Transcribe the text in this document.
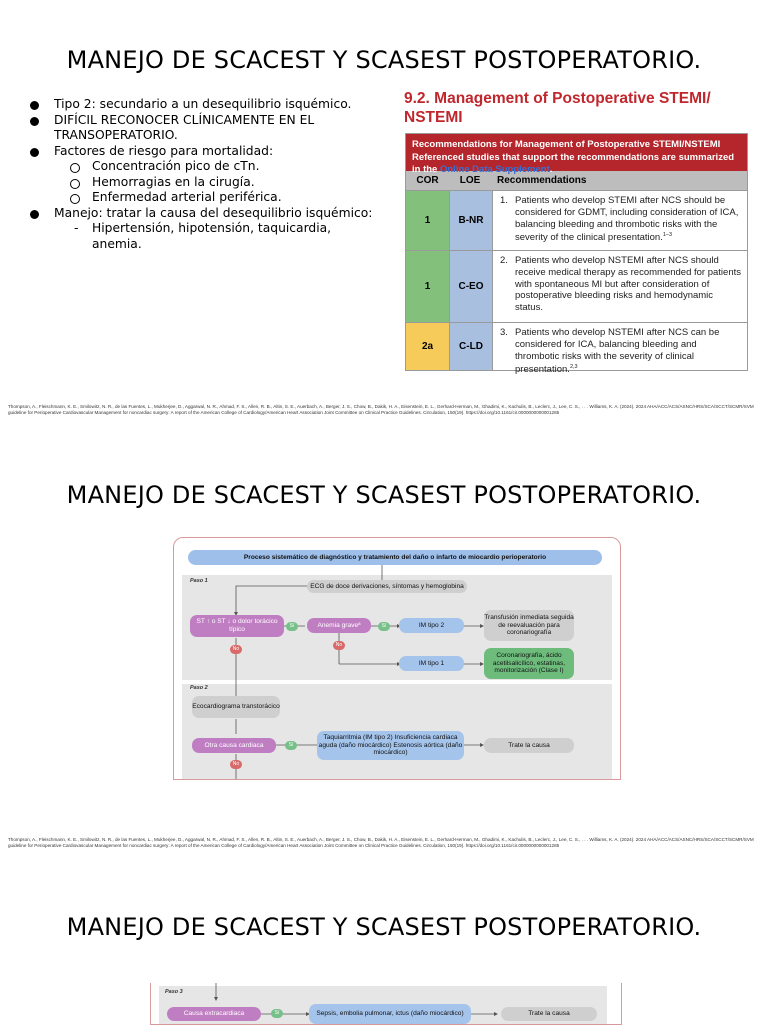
MANEJO DE SCACEST Y SCASEST POSTOPERATORIO.
Tipo 2: secundario a un desequilibrio isquémico.
DIFÍCIL RECONOCER CLÍNICAMENTE EN EL TRANSOPERATORIO.
Factores de riesgo para mortalidad:
Concentración pico de cTn.
Hemorragias en la cirugía.
Enfermedad arterial periférica.
Manejo: tratar la causa del desequilibrio isquémico:
- Hipertensión, hipotensión, taquicardia, anemia.
9.2. Management of Postoperative STEMI/ NSTEMI
Recommendations for Management of Postoperative STEMI/NSTEMI Referenced studies that support the recommendations are summarized in the Online Data Supplement.
COR	LOE	Recommendations
1	B-NR
1. Patients who develop STEMI after NCS should be considered for GDMT, including consideration of ICA, balancing bleeding and thrombotic risks with the severity of the clinical presentation.$^{1-3}$
1	C-EO
2. Patients who develop NSTEMI after NCS should receive medical therapy as recommended for patients with spontaneous MI but after consideration of postoperative bleeding risks and hemodynamic status.
2a	C-LD
3. Patients who develop NSTEMI after NCS can be considered for ICA, balancing bleeding and thrombotic risks with the severity of clinical presentation.$^{2,3}$
Thompson, A., Fleischmann, K. E., Smilowitz, N. R., de las Fuentes, L., Mukherjee, D., Aggarwal, N. R., Ahmad, F. S., Allen, R. B., Altin, S. E., Auerbach, A., Berger, J. S., Chow, B., Dakik, H. A., Eisenstein, E. L., Gerhard-Herman, M., Ghadimi, K., Kachulis, B., Leclerc, J., Lee, C. S., . . . Williams, K. A. (2024). 2024 AHA/ACC/ACS/ASNC/HRS/SCA/SCCT/SCMR/SVM guideline for Perioperative Cardiovascular Management for noncardiac surgery: A report of the American College of Cardiology/American Heart Association Joint Committee on Clinical Practice Guidelines. Circulation, 150(19). https://doi.org/10.1161/cir.0000000000001285
MANEJO DE SCACEST Y SCASEST POSTOPERATORIO.
Proceso sistemático de diagnóstico y tratamiento del daño o infarto de miocardio perioperatorio
Paso 1
Paso 2
ECG de doce derivaciones, síntomas y hemoglobina
ST ↑ o ST ↓ o dolor torácico típico	Sí	Anemia graveª	Sí	IM tipo 2
Transfusión inmediata seguida de reevaluación para coronariografía
No
No
IM tipo 1
Coronariografía, ácido acetilsalicílico, estatinas, monitorización (Clase I)
Ecocardiograma transtorácico
Otra causa cardiaca	Sí
Taquiarritmia (IM tipo 2) Insuficiencia cardiaca aguda (daño miocárdico) Estenosis aórtica (daño miocárdico)
Trate la causa
No
Thompson, A., Fleischmann, K. E., Smilowitz, N. R., de las Fuentes, L., Mukherjee, D., Aggarwal, N. R., Ahmad, F. S., Allen, R. B., Altin, S. E., Auerbach, A., Berger, J. S., Chow, B., Dakik, H. A., Eisenstein, E. L., Gerhard-Herman, M., Ghadimi, K., Kachulis, B., Leclerc, J., Lee, C. S., . . . Williams, K. A. (2024). 2024 AHA/ACC/ACS/ASNC/HRS/SCA/SCCT/SCMR/SVM guideline for Perioperative Cardiovascular Management for noncardiac surgery: A report of the American College of Cardiology/American Heart Association Joint Committee on Clinical Practice Guidelines. Circulation, 150(19). https://doi.org/10.1161/cir.0000000000001285
MANEJO DE SCACEST Y SCASEST POSTOPERATORIO.
Paso 3
Causa extracardiaca	Sí	Sepsis, embolia pulmonar, ictus (daño miocárdico)	Trate la causa
